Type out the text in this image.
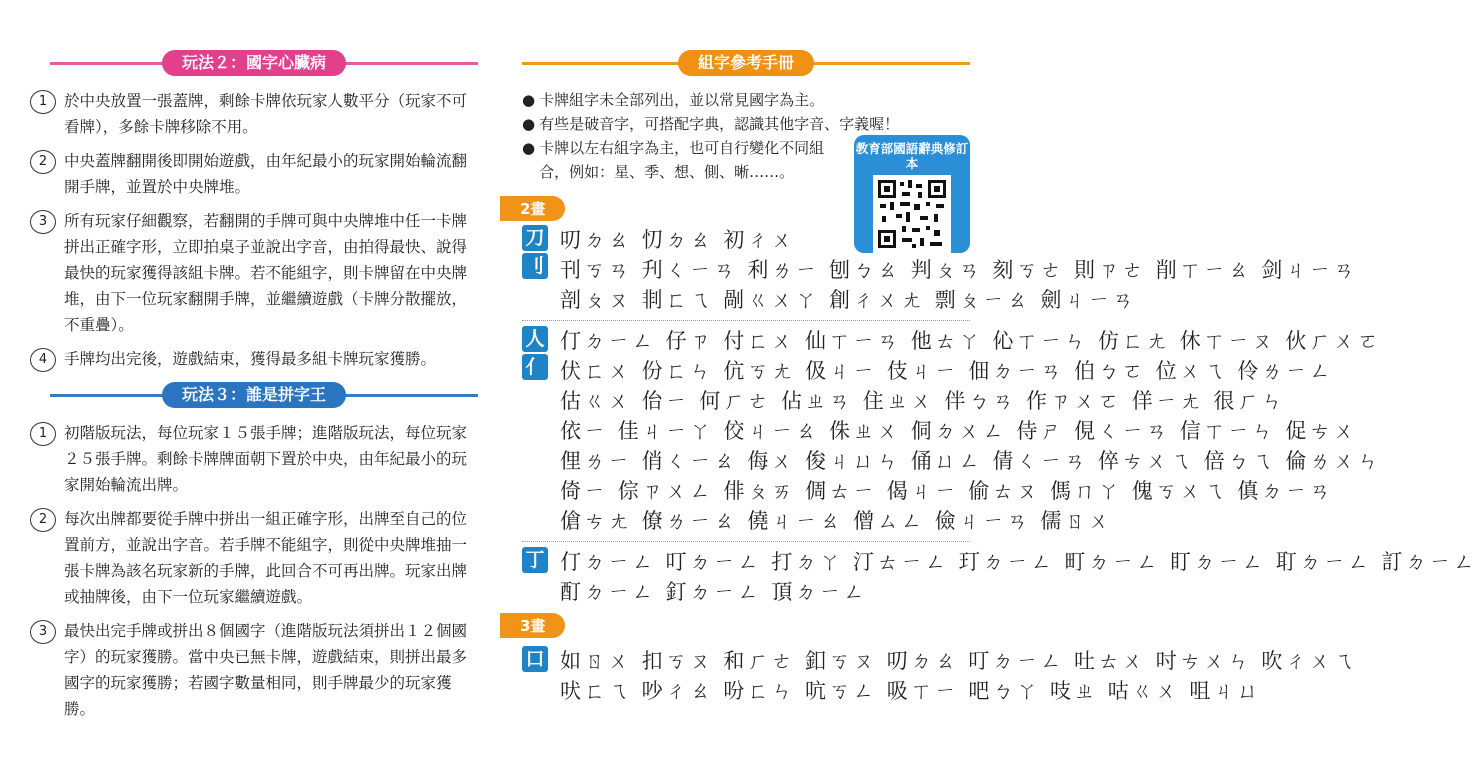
玩法２：國字心臟病
1	於中央放置一張蓋牌，剩餘卡牌依玩家人數平分（玩家不可看牌），多餘卡牌移除不用。
2	中央蓋牌翻開後即開始遊戲，由年紀最小的玩家開始輪流翻開手牌，並置於中央牌堆。
3	所有玩家仔細觀察，若翻開的手牌可與中央牌堆中任一卡牌拼出正確字形，立即拍桌子並說出字音，由拍得最快、說得最快的玩家獲得該組卡牌。若不能組字，則卡牌留在中央牌堆，由下一位玩家翻開手牌，並繼續遊戲（卡牌分散擺放，不重疊）。
4	手牌均出完後，遊戲結束，獲得最多組卡牌玩家獲勝。
玩法３：誰是拼字王
1	初階版玩法，每位玩家１５張手牌；進階版玩法，每位玩家２５張手牌。剩餘卡牌牌面朝下置於中央，由年紀最小的玩家開始輪流出牌。
2	每次出牌都要從手牌中拼出一組正確字形，出牌至自己的位置前方，並說出字音。若手牌不能組字，則從中央牌堆抽一張卡牌為該名玩家新的手牌，此回合不可再出牌。玩家出牌或抽牌後，由下一位玩家繼續遊戲。
3	最快出完手牌或拼出８個國字（進階版玩法須拼出１２個國字）的玩家獲勝。當中央已無卡牌，遊戲結束，則拼出最多國字的玩家獲勝；若國字數量相同，則手牌最少的玩家獲勝。
組字參考手冊
● 卡牌組字未全部列出，並以常見國字為主。
● 有些是破音字，可搭配字典，認識其他字音、字義喔！
● 卡牌以左右組字為主，也可自行變化不同組合，例如：星、季、想、側、晰……。
教育部國語辭典修訂本
2畫
刀
刂
叨ㄉㄠ 忉ㄉㄠ 初ㄔㄨ
刊ㄎㄢ 刋ㄑㄧㄢ 利ㄌㄧ 刨ㄅㄠ 判ㄆㄢ 刻ㄎㄜ 則ㄗㄜ 削ㄒㄧㄠ 剑ㄐㄧㄢ
剖ㄆㄡ 剕ㄈㄟ 剮ㄍㄨㄚ 創ㄔㄨㄤ 剽ㄆㄧㄠ 劍ㄐㄧㄢ
人
亻
仃ㄉㄧㄥ 仔ㄗ 付ㄈㄨ 仙ㄒㄧㄢ 他ㄊㄚ 伈ㄒㄧㄣ 仿ㄈㄤ 休ㄒㄧㄡ 伙ㄏㄨㄛ
伏ㄈㄨ 份ㄈㄣ 伉ㄎㄤ 伋ㄐㄧ 伎ㄐㄧ 佃ㄉㄧㄢ 伯ㄅㄛ 位ㄨㄟ 伶ㄌㄧㄥ
估ㄍㄨ 佁ㄧ 何ㄏㄜ 佔ㄓㄢ 住ㄓㄨ 伴ㄅㄢ 作ㄗㄨㄛ 佯ㄧㄤ 很ㄏㄣ
依ㄧ 佳ㄐㄧㄚ 佼ㄐㄧㄠ 侏ㄓㄨ 侗ㄉㄨㄥ 侍ㄕ 俔ㄑㄧㄢ 信ㄒㄧㄣ 促ㄘㄨ
俚ㄌㄧ 俏ㄑㄧㄠ 侮ㄨ 俊ㄐㄩㄣ 俑ㄩㄥ 倩ㄑㄧㄢ 倅ㄘㄨㄟ 倍ㄅㄟ 倫ㄌㄨㄣ
倚ㄧ 倧ㄗㄨㄥ 俳ㄆㄞ 倜ㄊㄧ 偈ㄐㄧ 偷ㄊㄡ 傌ㄇㄚ 傀ㄎㄨㄟ 傎ㄉㄧㄢ
傖ㄘㄤ 僚ㄌㄧㄠ 僥ㄐㄧㄠ 僧ㄙㄥ 儉ㄐㄧㄢ 儒ㄖㄨ
丁 仃ㄉㄧㄥ 叮ㄉㄧㄥ 打ㄉㄚ 汀ㄊㄧㄥ 玎ㄉㄧㄥ 町ㄉㄧㄥ 盯ㄉㄧㄥ 耵ㄉㄧㄥ 訂ㄉㄧㄥ
酊ㄉㄧㄥ 釘ㄉㄧㄥ 頂ㄉㄧㄥ
3畫
口 如ㄖㄨ 扣ㄎㄡ 和ㄏㄜ 釦ㄎㄡ 叨ㄉㄠ 叮ㄉㄧㄥ 吐ㄊㄨ 吋ㄘㄨㄣ 吹ㄔㄨㄟ
吠ㄈㄟ 吵ㄔㄠ 吩ㄈㄣ 吭ㄎㄥ 吸ㄒㄧ 吧ㄅㄚ 吱ㄓ 咕ㄍㄨ 咀ㄐㄩ
